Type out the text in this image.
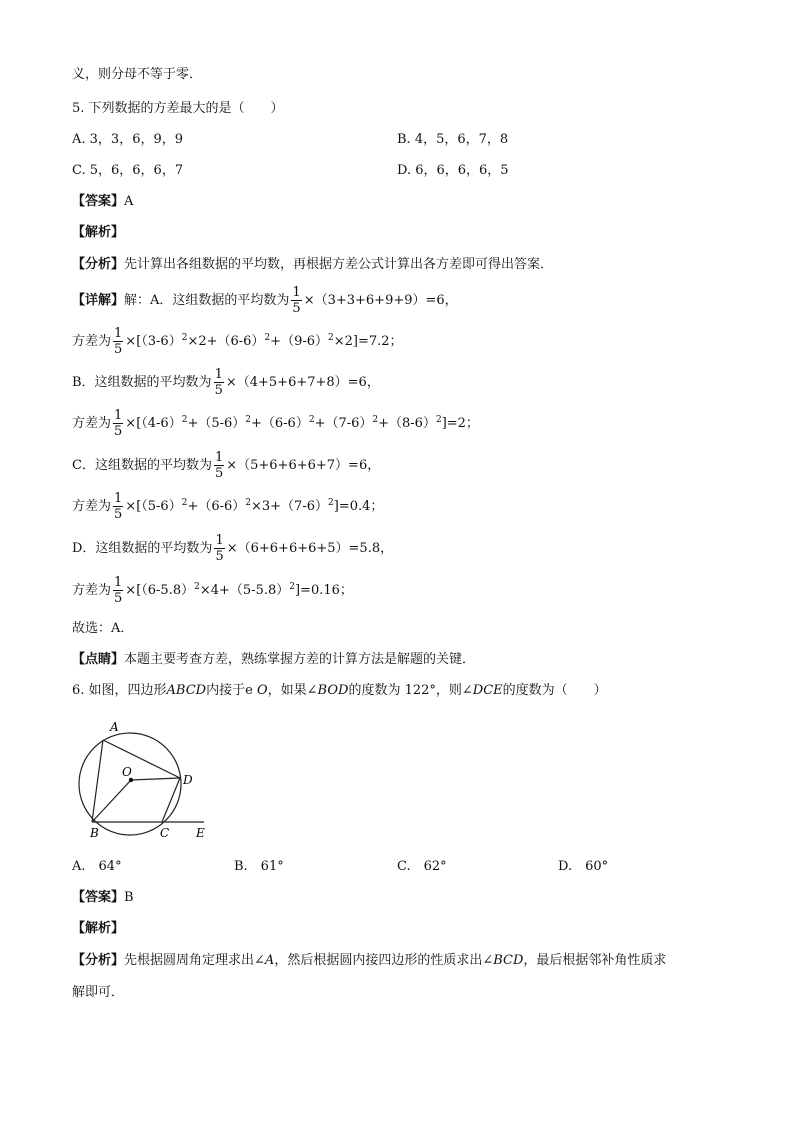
义，则分母不等于零．
5. 下列数据的方差最大的是（　　）
A. 3，3，6，9，9	B. 4，5，6，7，8
C. 5，6，6，6，7	D. 6，6，6，6，5
【答案】A
【解析】
【分析】先计算出各组数据的平均数，再根据方差公式计算出各方差即可得出答案．
【详解】解：A．这组数据的平均数为 $\frac{1}{5} \times(3+3+6+9+9)=6$，
方差为 $\frac{1}{5} \times[(3-6)^2\times 2+(6-6)^2+(9-6)^2\times 2]=7.2$；
B．这组数据的平均数为 $\frac{1}{5} \times(4+5+6+7+8)=6$，
方差为 $\frac{1}{5} \times[(4-6)^2+(5-6)^2+(6-6)^2+(7-6)^2+(8-6)^2]=2$；
C．这组数据的平均数为 $\frac{1}{5} \times(5+6+6+6+7)=6$，
方差为 $\frac{1}{5} \times[(5-6)^2+(6-6)^2\times 3+(7-6)^2]=0.4$；
D．这组数据的平均数为 $\frac{1}{5} \times(6+6+6+6+5)=5.8$，
方差为 $\frac{1}{5} \times[(6-5.8)^2\times 4+(5-5.8)^2]=0.16$；
故选：A．
【点睛】本题主要考查方差，熟练掌握方差的计算方法是解题的关键．
6. 如图，四边形ABCD内接于e O，如果∠BOD的度数为 122°，则∠DCE的度数为（　　）
A
O
D
B	C E
A.　64°	B.　61°	C.　62°	D.　60°
【答案】B
【解析】
【分析】先根据圆周角定理求出∠A，然后根据圆内接四边形的性质求出∠BCD，最后根据邻补角性质求
解即可．
